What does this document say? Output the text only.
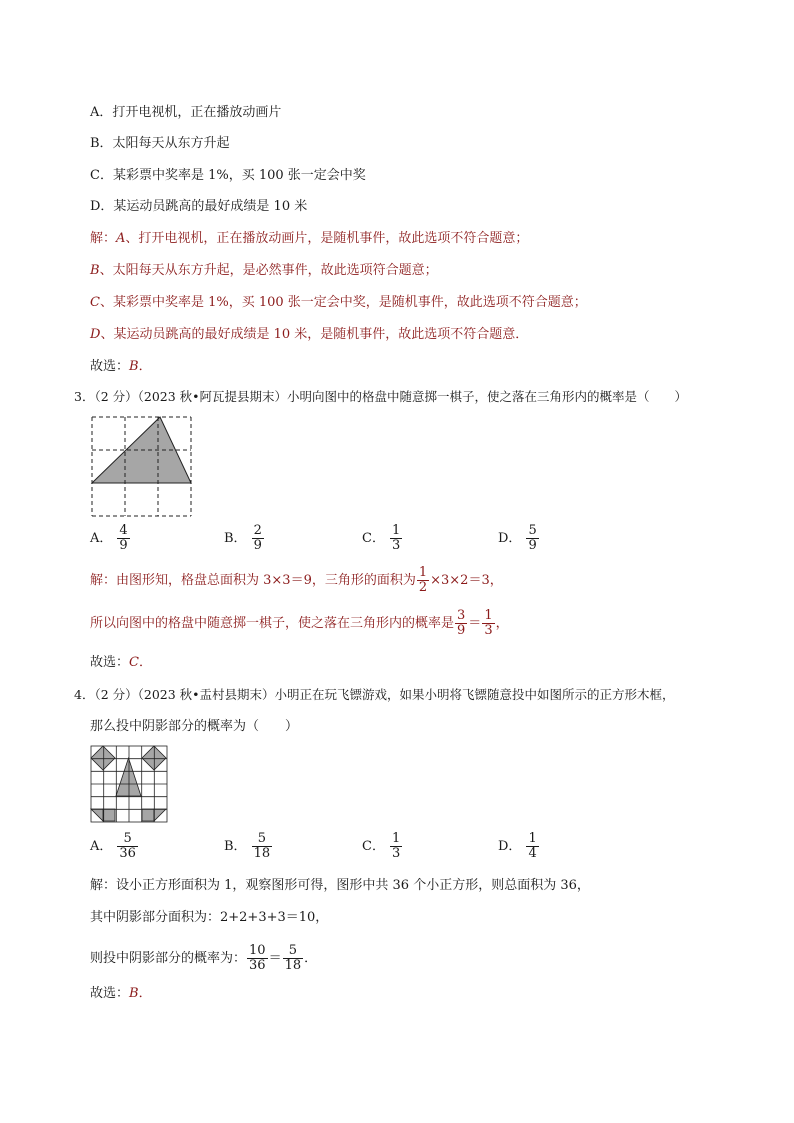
A．打开电视机，正在播放动画片
B．太阳每天从东方升起
C．某彩票中奖率是 1%，买 100 张一定会中奖
D．某运动员跳高的最好成绩是 10 米
解：A、打开电视机，正在播放动画片，是随机事件，故此选项不符合题意；
B、太阳每天从东方升起，是必然事件，故此选项符合题意；
C、某彩票中奖率是 1%，买 100 张一定会中奖，是随机事件，故此选项不符合题意；
D、某运动员跳高的最好成绩是 10 米，是随机事件，故此选项不符合题意．
故选：B．
3．（2 分）（2023 秋•阿瓦提县期末）小明向图中的格盘中随意掷一棋子，使之落在三角形内的概率是（　　）
A． $\frac{4}{9}$	B． $\frac{2}{9}$	C． $\frac{1}{3}$	D． $\frac{5}{9}$
解：由图形知，格盘总面积为 3×3＝9，三角形的面积为 $\frac{1}{2} \times 3\times 2=3$，
所以向图中的格盘中随意掷一棋子，使之落在三角形内的概率是 $\frac{3}{9} = \frac{1}{3}$ ，
故选：C．
4．（2 分）（2023 秋•盂村县期末）小明正在玩飞镖游戏，如果小明将飞镖随意投中如图所示的正方形木框，
那么投中阴影部分的概率为（　　）
A． $\frac{5}{36}$	B． $\frac{5}{18}$	C． $\frac{1}{3}$	D． $\frac{1}{4}$
解：设小正方形面积为 1，观察图形可得，图形中共 36 个小正方形，则总面积为 36，
其中阴影部分面积为：2+2+3+3＝10，
则投中阴影部分的概率为： $\frac{10}{36} = \frac{5}{18}$ ．
故选：B．
